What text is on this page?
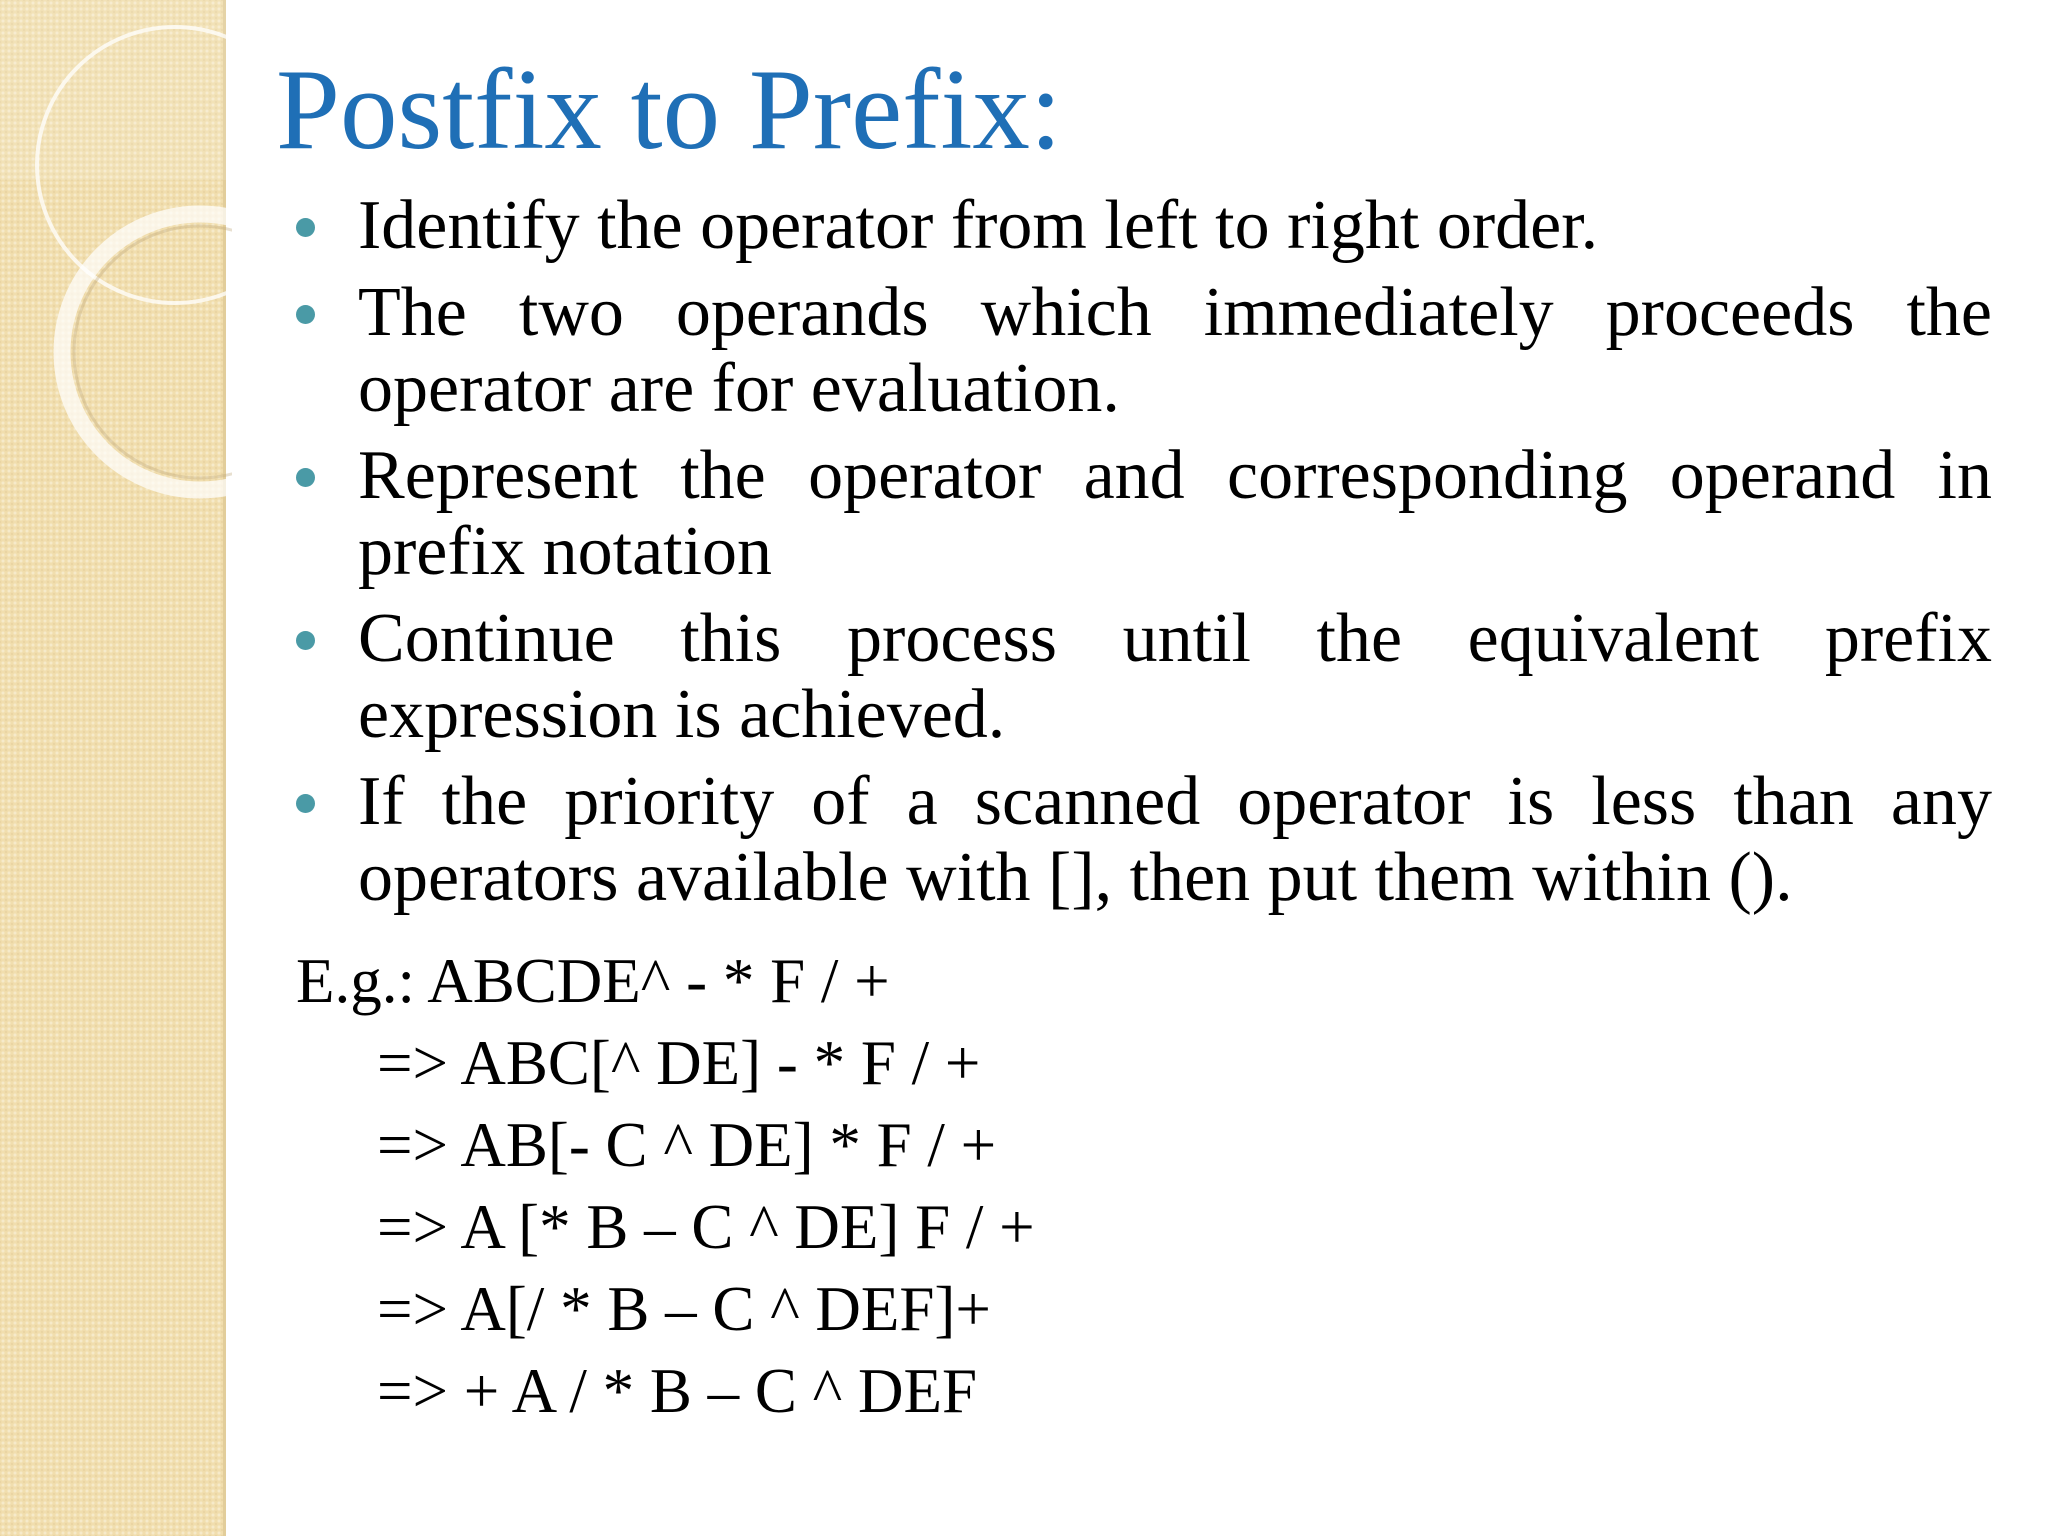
Postfix to Prefix:
Identify the operator from left to right order.
The two operands which immediately proceeds the operator are for evaluation.
Represent the operator and corresponding operand in prefix notation
Continue this process until the equivalent prefix expression is achieved.
If the priority of a scanned operator is less than any operators available with [], then put them within ().
E.g.: ABCDE^ - * F / +
=> ABC[^ DE] - * F / +
=> AB[- C ^ DE] * F / +
=> A [* B – C ^ DE] F / +
=> A[/ * B – C ^ DEF]+
=> + A / * B – C ^ DEF
